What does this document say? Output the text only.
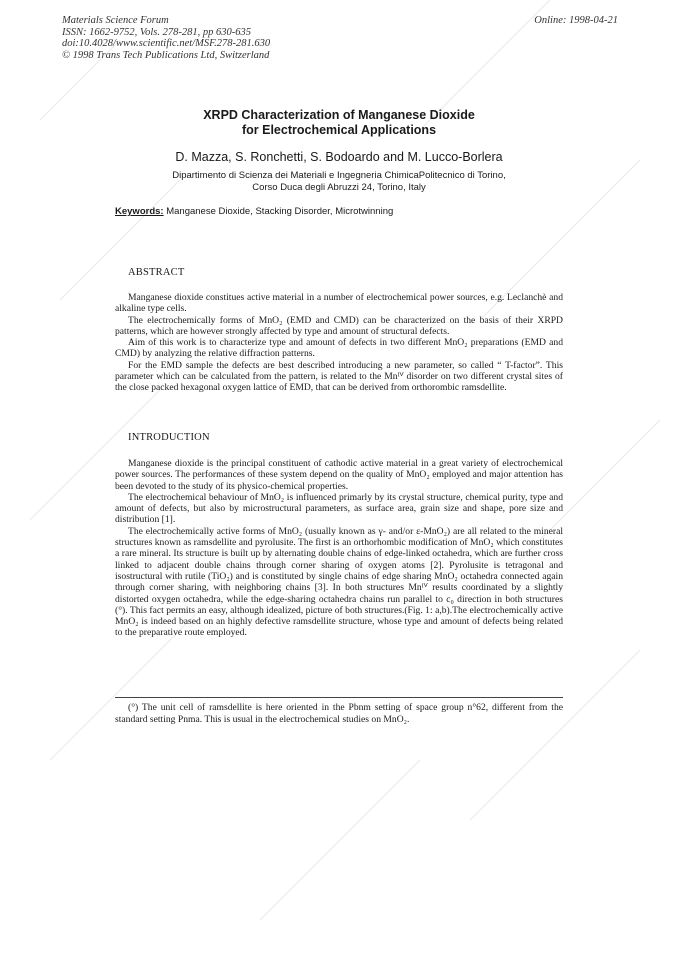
Materials Science Forum
ISSN: 1662-9752, Vols. 278-281, pp 630-635
doi:10.4028/www.scientific.net/MSF.278-281.630
© 1998 Trans Tech Publications Ltd, Switzerland
Online: 1998-04-21
XRPD Characterization of Manganese Dioxide
for Electrochemical Applications
D. Mazza, S. Ronchetti, S. Bodoardo and M. Lucco-Borlera
Dipartimento di Scienza dei Materiali e Ingegneria ChimicaPolitecnico di Torino,
Corso Duca degli Abruzzi 24, Torino, Italy
Keywords: Manganese Dioxide, Stacking Disorder, Microtwinning
ABSTRACT

Manganese dioxide constitues active material in a number of electrochemical power sources, e.g. Leclanchè and alkaline type cells.

The electrochemically forms of MnO₂ (EMD and CMD) can be characterized on the basis of their XRPD patterns, which are however strongly affected by type and amount of structural defects.

Aim of this work is to characterize type and amount of defects in two different MnO₂ preparations (EMD and CMD) by analyzing the relative diffraction patterns.

For the EMD sample the defects are best described introducing a new parameter, so called “ T-factor”. This parameter which can be calculated from the pattern, is related to the Mnᴵⱽ disorder on two different crystal sites of the close packed hexagonal oxygen lattice of EMD, that can be derived from orthorombic ramsdellite.

INTRODUCTION

Manganese dioxide is the principal constituent of cathodic active material in a great variety of electrochemical power sources. The performances of these system depend on the quality of MnO₂ employed and major attention has been devoted to the study of its physico-chemical properties.

The electrochemical behaviour of MnO₂ is influenced primarly by its crystal structure, chemical purity, type and amount of defects, but also by microstructural parameters, as surface area, grain size and shape, pore size and distribution [1].

The electrochemically active forms of MnO₂ (usually known as γ- and/or ε-MnO₂) are all related to the mineral structures known as ramsdellite and pyrolusite. The first is an orthorhombic modification of MnO₂ which constitutes a rare mineral. Its structure is built up by alternating double chains of edge-linked octahedra, which are further cross linked to adjacent double chains through corner sharing of oxygen atoms [2]. Pyrolusite is tetragonal and isostructural with rutile (TiO₂) and is constituted by single chains of edge sharing MnO₂ octahedra connected again through corner sharing, with neighboring chains [3]. In both structures Mnᴵⱽ results coordinated by a slightly distorted oxygen octahedra, while the edge-sharing octahedra chains run parallel to c₀ direction in both structures (°). This fact permits an easy, although idealized, picture of both structures.(Fig. 1: a,b).The electrochemically active MnO₂ is indeed based on an highly defective ramsdellite structure, whose type and amount of defects being related to the preparative route employed.

(°) The unit cell of ramsdellite is here oriented in the Pbnm setting of space group n°62, different from the standard setting Pnma. This is usual in the electrochemical studies on MnO₂.
